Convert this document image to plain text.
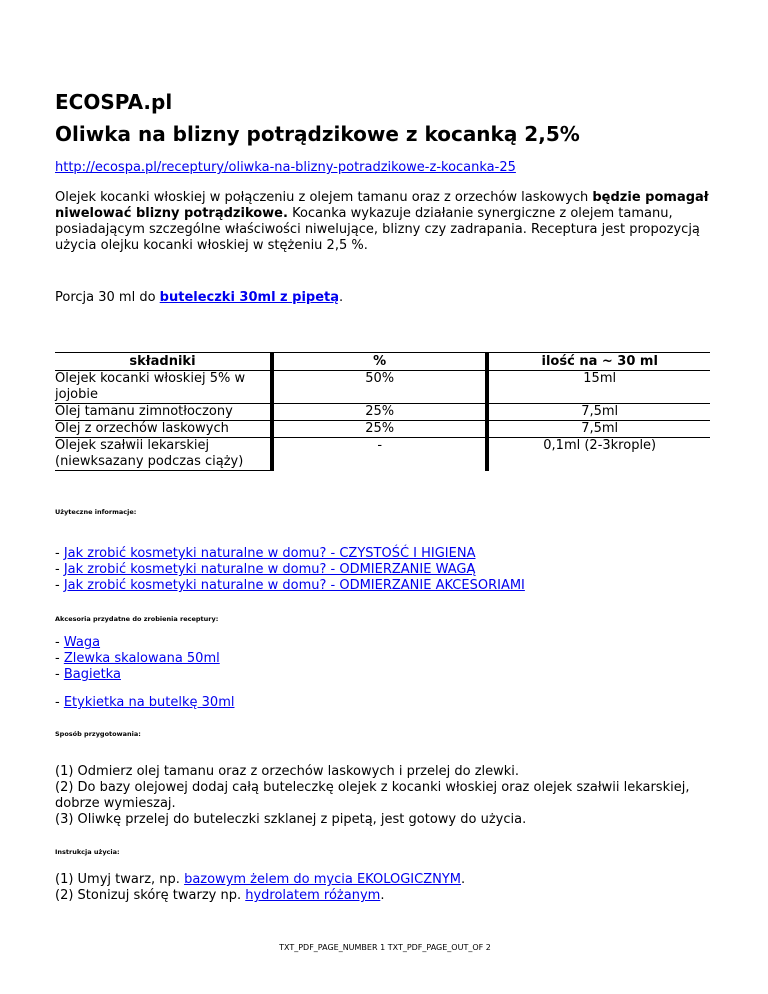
ECOSPA.pl
Oliwka na blizny potrądzikowe z kocanką 2,5%
http://ecospa.pl/receptury/oliwka-na-blizny-potradzikowe-z-kocanka-25

Olejek kocanki włoskiej w połączeniu z olejem tamanu oraz z orzechów laskowych będzie pomagał niwelować blizny potrądzikowe. Kocanka wykazuje działanie synergiczne z olejem tamanu, posiadającym szczególne właściwości niwelujące, blizny czy zadrapania. Receptura jest propozycją użycia olejku kocanki włoskiej w stężeniu 2,5 %.

Porcja 30 ml do buteleczki 30ml z pipetą.

składniki	%	ilość na ~ 30 ml
Olejek kocanki włoskiej 5% w jojobie	50%	15ml
Olej tamanu zimnotłoczony	25%	7,5ml
Olej z orzechów laskowych	25%	7,5ml
Olejek szałwii lekarskiej (niewksazany podczas ciąży)	-	0,1ml (2-3krople)

Użyteczne informacje:

- Jak zrobić kosmetyki naturalne w domu? - CZYSTOŚĆ I HIGIENA
- Jak zrobić kosmetyki naturalne w domu? - ODMIERZANIE WAGĄ
- Jak zrobić kosmetyki naturalne w domu? - ODMIERZANIE AKCESORIAMI

Akcesoria przydatne do zrobienia receptury:

- Waga
- Zlewka skalowana 50ml
- Bagietka
- Etykietka na butelkę 30ml

Sposób przygotowania:

(1) Odmierz olej tamanu oraz z orzechów laskowych i przelej do zlewki.
(2) Do bazy olejowej dodaj całą buteleczkę olejek z kocanki włoskiej oraz olejek szałwii lekarskiej,
dobrze wymieszaj.
(3) Oliwkę przelej do buteleczki szklanej z pipetą, jest gotowy do użycia.

Instrukcja użycia:

(1) Umyj twarz, np. bazowym żelem do mycia EKOLOGICZNYM.
(2) Stonizuj skórę twarzy np. hydrolatem różanym.
TXT_PDF_PAGE_NUMBER 1 TXT_PDF_PAGE_OUT_OF 2
